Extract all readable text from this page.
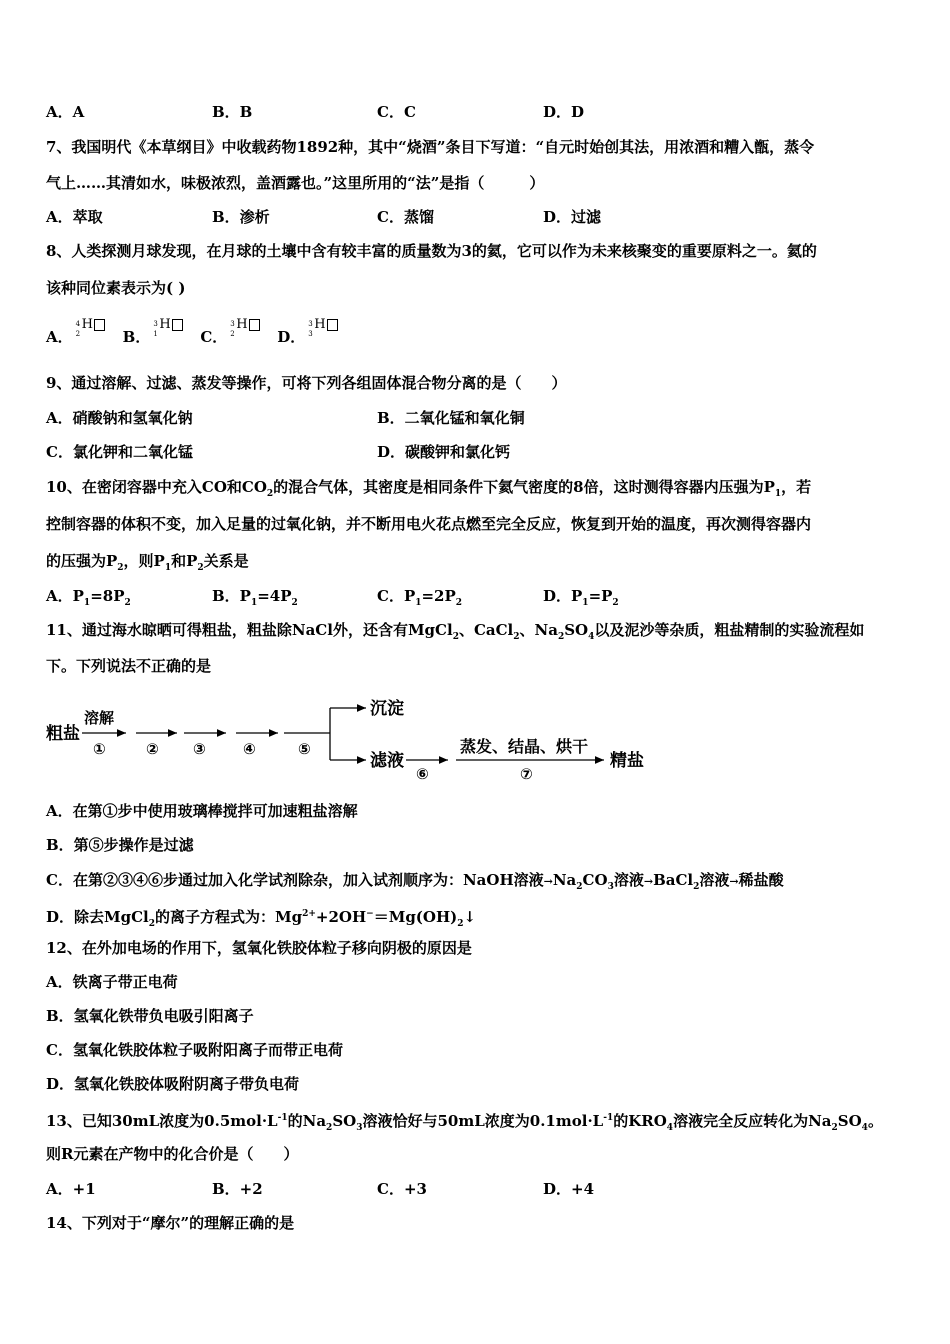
A．A	B．B	C．C	D．D
7、我国明代《本草纲目》中收载药物1892种，其中“烧酒”条目下写道：“自元时始创其法，用浓酒和糟入甑，蒸令
气上……其清如水，味极浓烈，盖酒露也。”这里所用的“法”是指（　　　）
A．萃取	B．渗析	C．蒸馏	D．过滤
8、人类探测月球发现，在月球的土壤中含有较丰富的质量数为3的氦，它可以作为未来核聚变的重要原料之一。氦的
该种同位素表示为( )
A．
4
2
H
B．
3
1
H
C．
3
2
H
D．
3
3
H
9、通过溶解、过滤、蒸发等操作，可将下列各组固体混合物分离的是（　　）
A．硝酸钠和氢氧化钠	B．二氧化锰和氧化铜
C．氯化钾和二氧化锰	D．碳酸钾和氯化钙
10、在密闭容器中充入CO和$CO_2$的混合气体，其密度是相同条件下氦气密度的8倍，这时测得容器内压强为$P_1$，若
控制容器的体积不变，加入足量的过氧化钠，并不断用电火花点燃至完全反应，恢复到开始的温度，再次测得容器内
的压强为$P_2$，则$P_1$和$P_2$关系是
A．$P_1=8P_2$	B．$P_1=4P_2$	C．$P_1=2P_2$	D．$P_1=P_2$
11、通过海水晾晒可得粗盐，粗盐除NaCl外，还含有MgCl$_2$、CaCl$_2$、$Na_2SO_4$以及泥沙等杂质，粗盐精制的实验流程如
下。下列说法不正确的是
粗盐
溶解
①	② ③ ④	⑤
沉淀
滤液
⑥
蒸发、结晶、烘干
⑦
精盐
A．在第①步中使用玻璃棒搅拌可加速粗盐溶解
B．第⑤步操作是过滤
C．在第②③④⑥步通过加入化学试剂除杂，加入试剂顺序为：NaOH溶液$\to Na_2CO_3$溶液→BaCl$_2$溶液→稀盐酸
D．除去MgCl$_2$的离子方程式为：$Mg^{2+}+2OH^-=Mg(OH)_2↓$
12、在外加电场的作用下，氢氧化铁胶体粒子移向阴极的原因是
A．铁离子带正电荷
B．氢氧化铁带负电吸引阳离子
C．氢氧化铁胶体粒子吸附阳离子而带正电荷
D．氢氧化铁胶体吸附阴离子带负电荷
13、已知30mL浓度为$0.5mol\cdot L^{-1}$的$Na_2SO_3$溶液恰好与50mL浓度为$0.1mol\cdot L^{-1}$的$KRO_4$溶液完全反应转化为$Na_2SO_4$。
则R元素在产物中的化合价是（　　）
A．+1	B．+2	C．+3	D．+4
14、下列对于“摩尔”的理解正确的是
